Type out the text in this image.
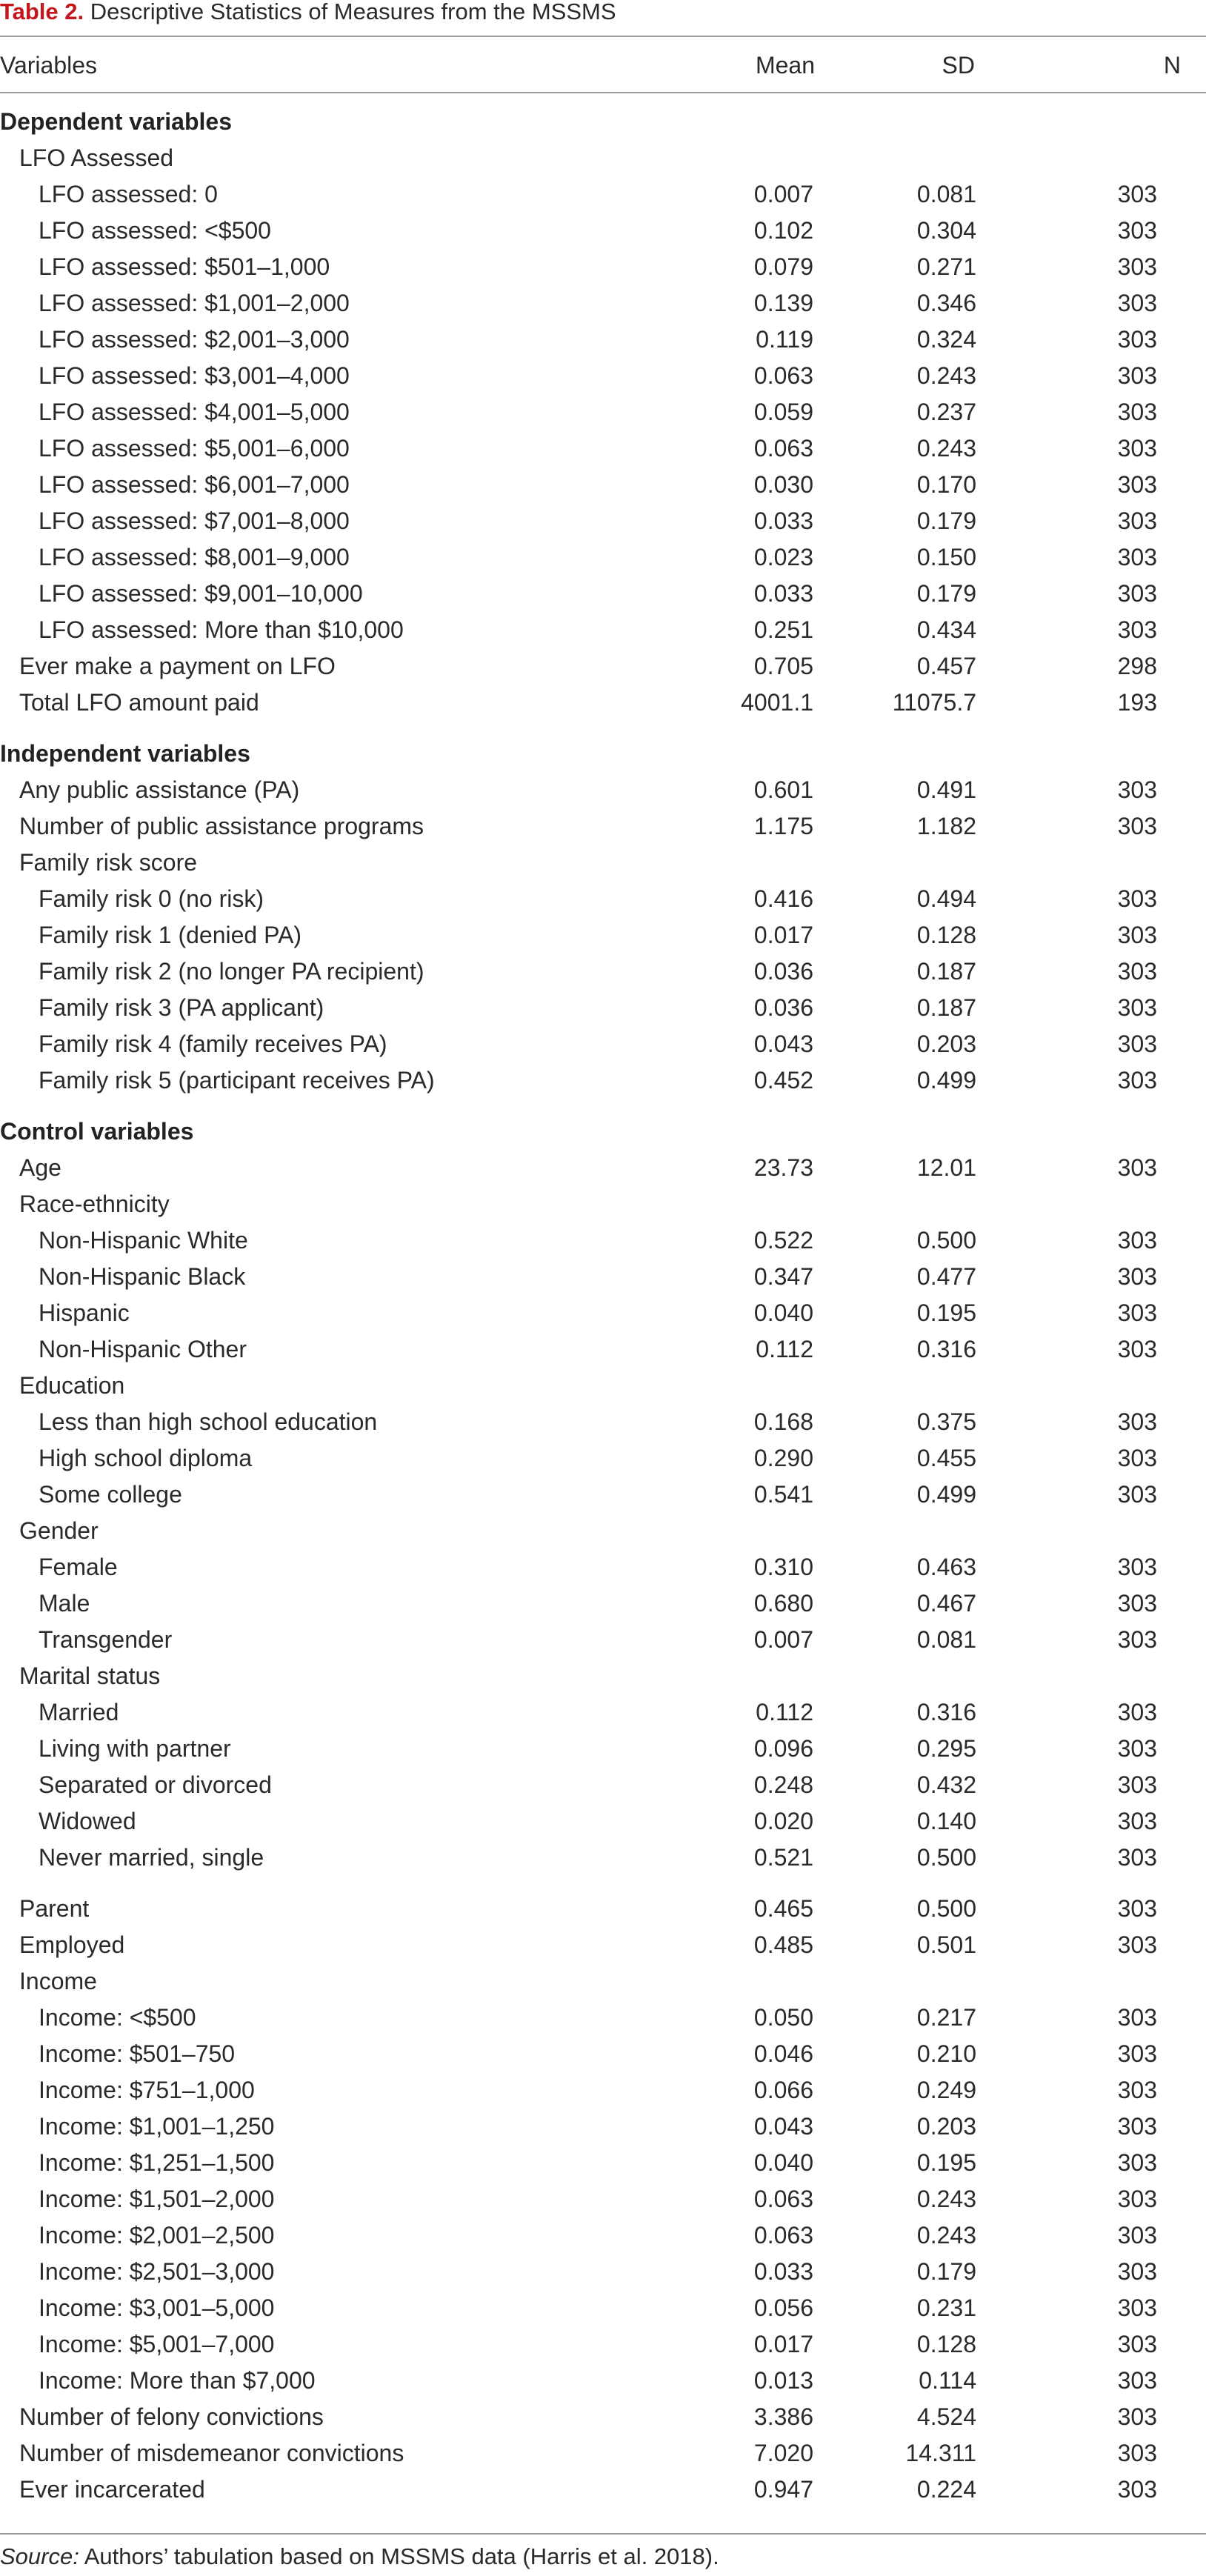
Table 2. Descriptive Statistics of Measures from the MSSMS
Variables	Mean	SD	N
Dependent variables
LFO Assessed
LFO assessed: 0	0.007	0.081	303
LFO assessed: <$500	0.102	0.304	303
LFO assessed: $501–1,000	0.079	0.271	303
LFO assessed: $1,001–2,000	0.139	0.346	303
LFO assessed: $2,001–3,000	0.119	0.324	303
LFO assessed: $3,001–4,000	0.063	0.243	303
LFO assessed: $4,001–5,000	0.059	0.237	303
LFO assessed: $5,001–6,000	0.063	0.243	303
LFO assessed: $6,001–7,000	0.030	0.170	303
LFO assessed: $7,001–8,000	0.033	0.179	303
LFO assessed: $8,001–9,000	0.023	0.150	303
LFO assessed: $9,001–10,000	0.033	0.179	303
LFO assessed: More than $10,000	0.251	0.434	303
Ever make a payment on LFO	0.705	0.457	298
Total LFO amount paid	4001.1	11075.7	193
Independent variables
Any public assistance (PA)	0.601	0.491	303
Number of public assistance programs	1.175	1.182	303
Family risk score
Family risk 0 (no risk)	0.416	0.494	303
Family risk 1 (denied PA)	0.017	0.128	303
Family risk 2 (no longer PA recipient)	0.036	0.187	303
Family risk 3 (PA applicant)	0.036	0.187	303
Family risk 4 (family receives PA)	0.043	0.203	303
Family risk 5 (participant receives PA)	0.452	0.499	303
Control variables
Age	23.73	12.01	303
Race-ethnicity
Non-Hispanic White	0.522	0.500	303
Non-Hispanic Black	0.347	0.477	303
Hispanic	0.040	0.195	303
Non-Hispanic Other	0.112	0.316	303
Education
Less than high school education	0.168	0.375	303
High school diploma	0.290	0.455	303
Some college	0.541	0.499	303
Gender
Female	0.310	0.463	303
Male	0.680	0.467	303
Transgender	0.007	0.081	303
Marital status
Married	0.112	0.316	303
Living with partner	0.096	0.295	303
Separated or divorced	0.248	0.432	303
Widowed	0.020	0.140	303
Never married, single	0.521	0.500	303
Parent	0.465	0.500	303
Employed	0.485	0.501	303
Income
Income: <$500	0.050	0.217	303
Income: $501–750	0.046	0.210	303
Income: $751–1,000	0.066	0.249	303
Income: $1,001–1,250	0.043	0.203	303
Income: $1,251–1,500	0.040	0.195	303
Income: $1,501–2,000	0.063	0.243	303
Income: $2,001–2,500	0.063	0.243	303
Income: $2,501–3,000	0.033	0.179	303
Income: $3,001–5,000	0.056	0.231	303
Income: $5,001–7,000	0.017	0.128	303
Income: More than $7,000	0.013	0.114	303
Number of felony convictions	3.386	4.524	303
Number of misdemeanor convictions	7.020	14.311	303
Ever incarcerated	0.947	0.224	303
Source: Authors’ tabulation based on MSSMS data (Harris et al. 2018).
